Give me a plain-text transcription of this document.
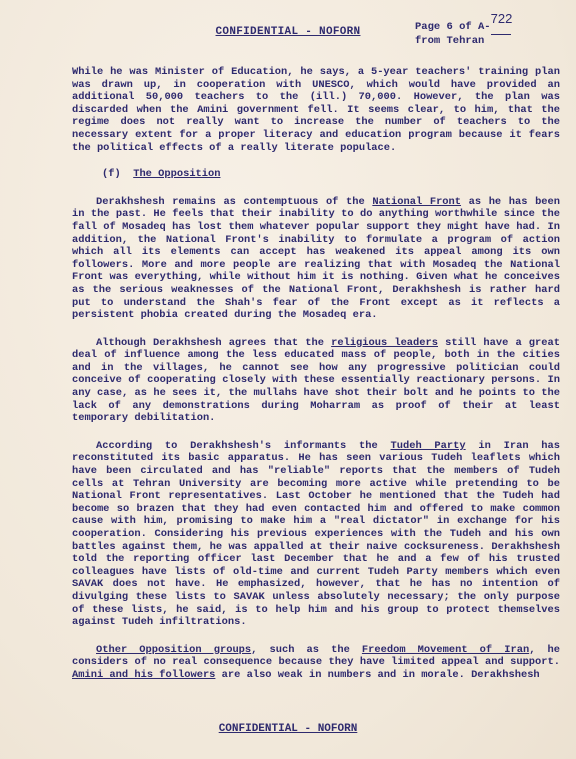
CONFIDENTIAL - NOFORN	Page 6 of A-722
from Tehran

While he was Minister of Education, he says, a 5-year teachers' training plan was drawn up, in cooperation with UNESCO, which would have provided an additional 50,000 teachers to the (ill.) 70,000. However, the plan was discarded when the Amini government fell. It seems clear, to him, that the regime does not really want to increase the number of teachers to the necessary extent for a proper literacy and education program because it fears the political effects of a really literate populace.

(f) The Opposition

Derakhshesh remains as contemptuous of the National Front as he has been in the past. He feels that their inability to do anything worthwhile since the fall of Mosadeq has lost them whatever popular support they might have had. In addition, the National Front's inability to formulate a program of action which all its elements can accept has weakened its appeal among its own followers. More and more people are realizing that with Mosadeq the National Front was everything, while without him it is nothing. Given what he conceives as the serious weaknesses of the National Front, Derakhshesh is rather hard put to understand the Shah's fear of the Front except as it reflects a persistent phobia created during the Mosadeq era.

Although Derakhshesh agrees that the religious leaders still have a great deal of influence among the less educated mass of people, both in the cities and in the villages, he cannot see how any progressive politician could conceive of cooperating closely with these essentially reactionary persons. In any case, as he sees it, the mullahs have shot their bolt and he points to the lack of any demonstrations during Moharram as proof of their at least temporary debilitation.

According to Derakhshesh's informants the Tudeh Party in Iran has reconstituted its basic apparatus. He has seen various Tudeh leaflets which have been circulated and has "reliable" reports that the members of Tudeh cells at Tehran University are becoming more active while pretending to be National Front representatives. Last October he mentioned that the Tudeh had become so brazen that they had even contacted him and offered to make common cause with him, promising to make him a "real dictator" in exchange for his cooperation. Considering his previous experiences with the Tudeh and his own battles against them, he was appalled at their naive cocksureness. Derakhshesh told the reporting officer last December that he and a few of his trusted colleagues have lists of old-time and current Tudeh Party members which even SAVAK does not have. He emphasized, however, that he has no intention of divulging these lists to SAVAK unless absolutely necessary; the only purpose of these lists, he said, is to help him and his group to protect themselves against Tudeh infiltrations.

Other Opposition groups, such as the Freedom Movement of Iran, he considers of no real consequence because they have limited appeal and support. Amini and his followers are also weak in numbers and in morale. Derakhshesh

CONFIDENTIAL - NOFORN
